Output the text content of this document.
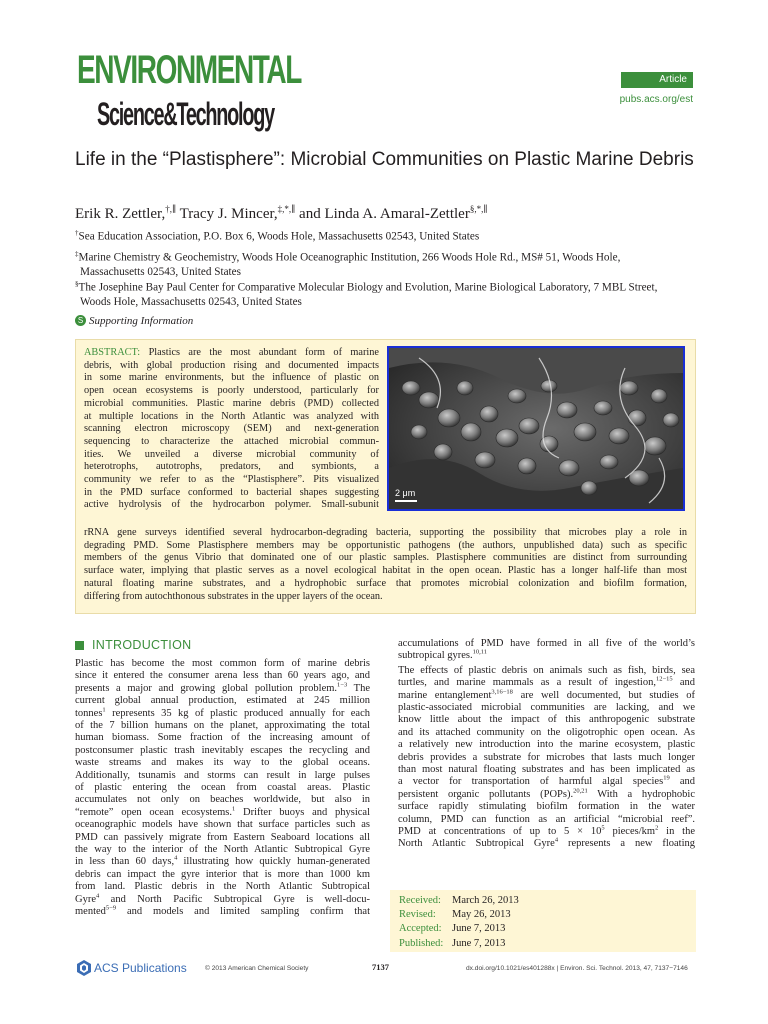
ENVIRONMENTAL
Science&Technology
Article
pubs.acs.org/est
Life in the “Plastisphere”: Microbial Communities on Plastic Marine Debris
Erik R. Zettler,†,∥ Tracy J. Mincer,‡,*,∥ and Linda A. Amaral-Zettler§,*,∥
†Sea Education Association, P.O. Box 6, Woods Hole, Massachusetts 02543, United States
‡Marine Chemistry & Geochemistry, Woods Hole Oceanographic Institution, 266 Woods Hole Rd., MS# 51, Woods Hole,
Massachusetts 02543, United States
§The Josephine Bay Paul Center for Comparative Molecular Biology and Evolution, Marine Biological Laboratory, 7 MBL Street,
Woods Hole, Massachusetts 02543, United States
S Supporting Information
2 μm
ABSTRACT: Plastics are the most abundant form of marine
debris, with global production rising and documented impacts
in some marine environments, but the influence of plastic on
open ocean ecosystems is poorly understood, particularly for
microbial communities. Plastic marine debris (PMD) collected
at multiple locations in the North Atlantic was analyzed with
scanning electron microscopy (SEM) and next-generation
sequencing to characterize the attached microbial commun-
ities. We unveiled a diverse microbial community of
heterotrophs, autotrophs, predators, and symbionts, a
community we refer to as the “Plastisphere”. Pits visualized
in the PMD surface conformed to bacterial shapes suggesting
active hydrolysis of the hydrocarbon polymer. Small-subunit
rRNA gene surveys identified several hydrocarbon-degrading bacteria, supporting the possibility that microbes play a role in
degrading PMD. Some Plastisphere members may be opportunistic pathogens (the authors, unpublished data) such as specific
members of the genus Vibrio that dominated one of our plastic samples. Plastisphere communities are distinct from surrounding
surface water, implying that plastic serves as a novel ecological habitat in the open ocean. Plastic has a longer half-life than most
natural floating marine substrates, and a hydrophobic surface that promotes microbial colonization and biofilm formation,
differing from autochthonous substrates in the upper layers of the ocean.
INTRODUCTION
Plastic has become the most common form of marine debris
since it entered the consumer arena less than 60 years ago, and
presents a major and growing global pollution problem.$^{1-3}$ The
current global annual production, estimated at 245 million
tonnes$^1$ represents 35 kg of plastic produced annually for each
of the 7 billion humans on the planet, approximating the total
human biomass. Some fraction of the increasing amount of
postconsumer plastic trash inevitably escapes the recycling and
waste streams and makes its way to the global oceans.
Additionally, tsunamis and storms can result in large pulses
of plastic entering the ocean from coastal areas. Plastic
accumulates not only on beaches worldwide, but also in
“remote” open ocean ecosystems.$^1$ Drifter buoys and physical
oceanographic models have shown that surface particles such as
PMD can passively migrate from Eastern Seaboard locations all
the way to the interior of the North Atlantic Subtropical Gyre
in less than 60 days,$^4$ illustrating how quickly human-generated
debris can impact the gyre interior that is more than 1000 km
from land. Plastic debris in the North Atlantic Subtropical
Gyre$^4$ and North Pacific Subtropical Gyre is well-docu-
mented$^{5-9}$ and models and limited sampling confirm that
accumulations of PMD have formed in all five of the world’s
subtropical gyres.$^{10,11}$
The effects of plastic debris on animals such as fish, birds, sea
turtles, and marine mammals as a result of ingestion,$^{12-15}$ and
marine entanglement$^{3,16-18}$ are well documented, but studies of
plastic-associated microbial communities are lacking, and we
know little about the impact of this anthropogenic substrate
and its attached community on the oligotrophic open ocean. As
a relatively new introduction into the marine ecosystem, plastic
debris provides a substrate for microbes that lasts much longer
than most natural floating substrates and has been implicated as
a vector for transportation of harmful algal species$^{19}$ and
persistent organic pollutants (POPs).$^{20,21}$ With a hydrophobic
surface rapidly stimulating biofilm formation in the water
column, PMD can function as an artificial “microbial reef”.
PMD at concentrations of up to $5 \times 10^5$ pieces/$km^2$ in the
North Atlantic Subtropical Gyre$^4$ represents a new floating
Received: March 26, 2013
Revised: May 26, 2013
Accepted: June 7, 2013
Published: June 7, 2013
ACS Publications	© 2013 American Chemical Society	7137	dx.doi.org/10.1021/es401288x | Environ. Sci. Technol. 2013, 47, 7137−7146
